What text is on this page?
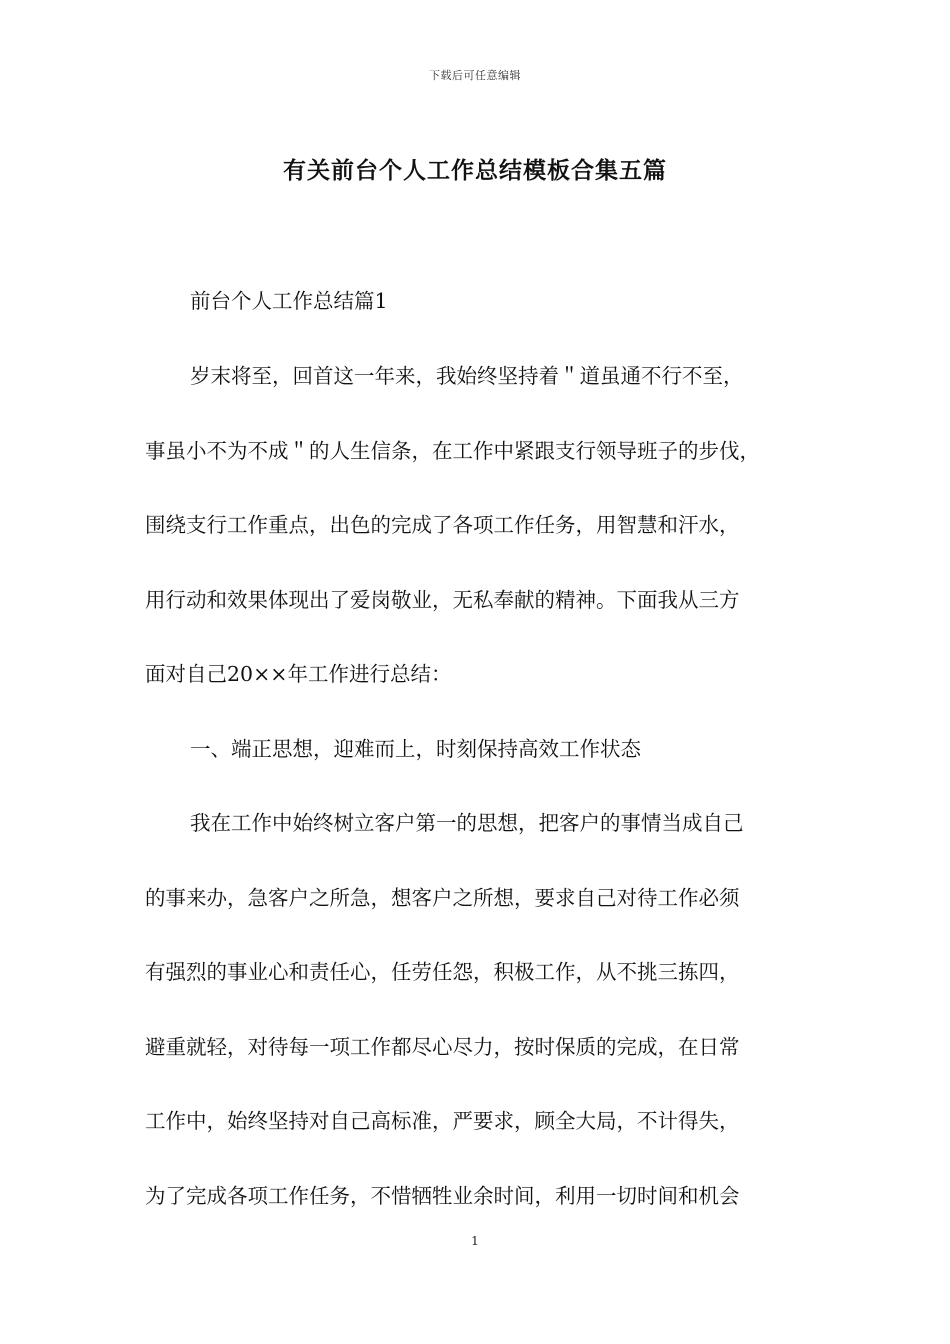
下载后可任意编辑
有关前台个人工作总结模板合集五篇

前台个人工作总结篇1

岁末将至，回首这一年来，我始终坚持着＂道虽通不行不至，

事虽小不为不成＂的人生信条，在工作中紧跟支行领导班子的步伐，

围绕支行工作重点，出色的完成了各项工作任务，用智慧和汗水，

用行动和效果体现出了爱岗敬业，无私奉献的精神。下面我从三方

面对自己20××年工作进行总结：

一、端正思想，迎难而上，时刻保持高效工作状态

我在工作中始终树立客户第一的思想，把客户的事情当成自己

的事来办，急客户之所急，想客户之所想，要求自己对待工作必须

有强烈的事业心和责任心，任劳任怨，积极工作，从不挑三拣四，

避重就轻，对待每一项工作都尽心尽力，按时保质的完成，在日常

工作中，始终坚持对自己高标准，严要求，顾全大局，不计得失，

为了完成各项工作任务，不惜牺牲业余时间，利用一切时间和机会

1
